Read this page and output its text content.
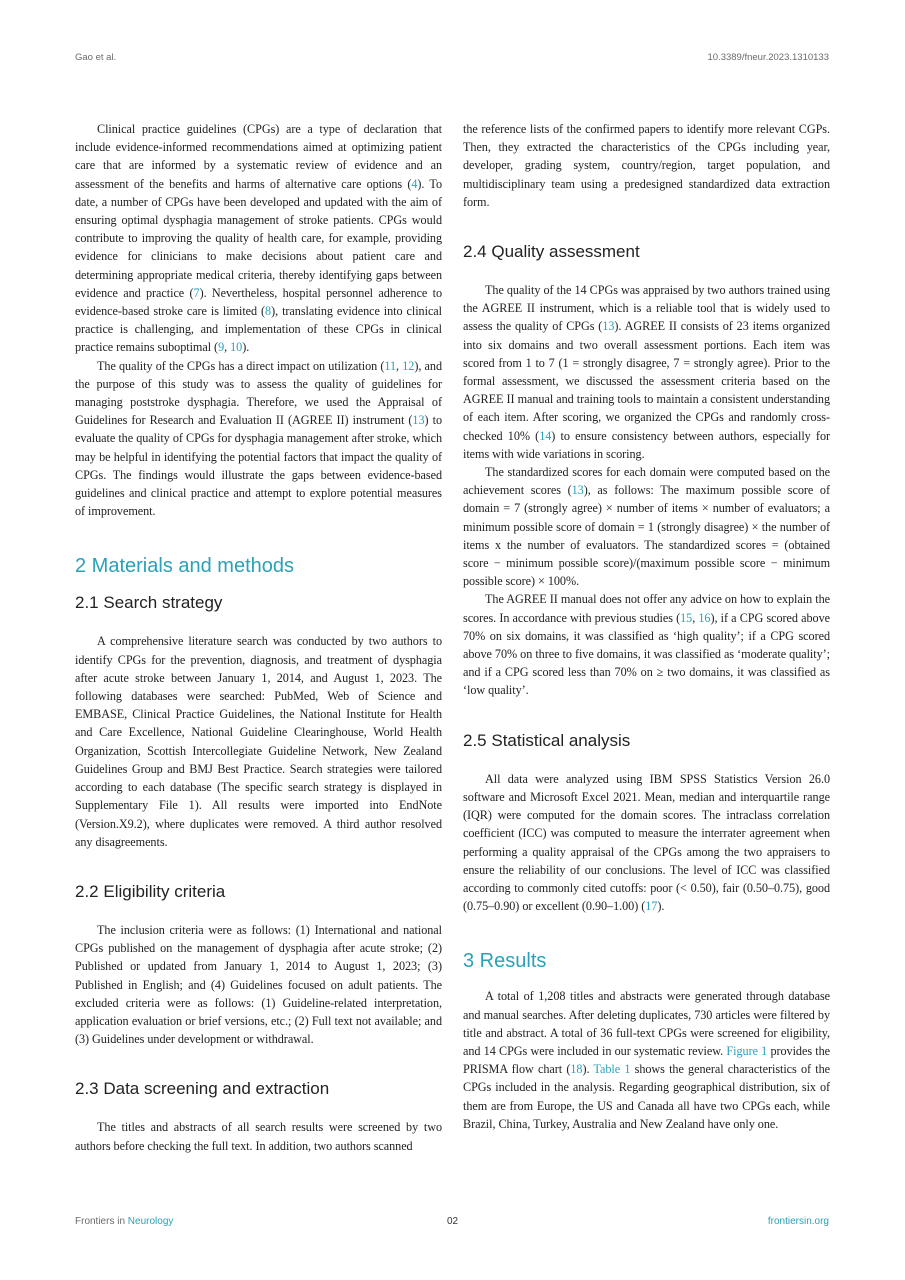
Gao et al.	10.3389/fneur.2023.1310133

Clinical practice guidelines (CPGs) are a type of declaration that include evidence-informed recommendations aimed at optimizing patient care that are informed by a systematic review of evidence and an assessment of the benefits and harms of alternative care options (4). To date, a number of CPGs have been developed and updated with the aim of ensuring optimal dysphagia management of stroke patients. CPGs would contribute to improving the quality of health care, for example, providing evidence for clinicians to make decisions about patient care and determining appropriate medical criteria, thereby identifying gaps between evidence and practice (7). Nevertheless, hospital personnel adherence to evidence-based stroke care is limited (8), translating evidence into clinical practice is challenging, and implementation of these CPGs in clinical practice remains suboptimal (9, 10).

The quality of the CPGs has a direct impact on utilization (11, 12), and the purpose of this study was to assess the quality of guidelines for managing poststroke dysphagia. Therefore, we used the Appraisal of Guidelines for Research and Evaluation II (AGREE II) instrument (13) to evaluate the quality of CPGs for dysphagia management after stroke, which may be helpful in identifying the potential factors that impact the quality of CPGs. The findings would illustrate the gaps between evidence-based guidelines and clinical practice and attempt to explore potential measures of improvement.

2 Materials and methods
2.1 Search strategy

A comprehensive literature search was conducted by two authors to identify CPGs for the prevention, diagnosis, and treatment of dysphagia after acute stroke between January 1, 2014, and August 1, 2023. The following databases were searched: PubMed, Web of Science and EMBASE, Clinical Practice Guidelines, the National Institute for Health and Care Excellence, National Guideline Clearinghouse, World Health Organization, Scottish Intercollegiate Guideline Network, New Zealand Guidelines Group and BMJ Best Practice. Search strategies were tailored according to each database (The specific search strategy is displayed in Supplementary File 1). All results were imported into EndNote (Version.X9.2), where duplicates were removed. A third author resolved any disagreements.

2.2 Eligibility criteria

The inclusion criteria were as follows: (1) International and national CPGs published on the management of dysphagia after acute stroke; (2) Published or updated from January 1, 2014 to August 1, 2023; (3) Published in English; and (4) Guidelines focused on adult patients. The excluded criteria were as follows: (1) Guideline-related interpretation, application evaluation or brief versions, etc.; (2) Full text not available; and (3) Guidelines under development or withdrawal.

2.3 Data screening and extraction

The titles and abstracts of all search results were screened by two authors before checking the full text. In addition, two authors scanned

the reference lists of the confirmed papers to identify more relevant CGPs. Then, they extracted the characteristics of the CPGs including year, developer, grading system, country/region, target population, and multidisciplinary team using a predesigned standardized data extraction form.

2.4 Quality assessment

The quality of the 14 CPGs was appraised by two authors trained using the AGREE II instrument, which is a reliable tool that is widely used to assess the quality of CPGs (13). AGREE II consists of 23 items organized into six domains and two overall assessment portions. Each item was scored from 1 to 7 (1 = strongly disagree, 7 = strongly agree). Prior to the formal assessment, we discussed the assessment criteria based on the AGREE II manual and training tools to maintain a consistent understanding of each item. After scoring, we organized the CPGs and randomly cross-checked 10% (14) to ensure consistency between authors, especially for items with wide variations in scoring.

The standardized scores for each domain were computed based on the achievement scores (13), as follows: The maximum possible score of domain = 7 (strongly agree) × number of items × number of evaluators; a minimum possible score of domain = 1 (strongly disagree) × the number of items x the number of evaluators. The standardized scores = (obtained score − minimum possible score)/(maximum possible score − minimum possible score) × 100%.

The AGREE II manual does not offer any advice on how to explain the scores. In accordance with previous studies (15, 16), if a CPG scored above 70% on six domains, it was classified as ‘high quality’; if a CPG scored above 70% on three to five domains, it was classified as ‘moderate quality’; and if a CPG scored less than 70% on ≥ two domains, it was classified as ‘low quality’.

2.5 Statistical analysis

All data were analyzed using IBM SPSS Statistics Version 26.0 software and Microsoft Excel 2021. Mean, median and interquartile range (IQR) were computed for the domain scores. The intraclass correlation coefficient (ICC) was computed to measure the interrater agreement when performing a quality appraisal of the CPGs among the two appraisers to ensure the reliability of our conclusions. The level of ICC was classified according to commonly cited cutoffs: poor (< 0.50), fair (0.50–0.75), good (0.75–0.90) or excellent (0.90–1.00) (17).

3 Results

A total of 1,208 titles and abstracts were generated through database and manual searches. After deleting duplicates, 730 articles were filtered by title and abstract. A total of 36 full-text CPGs were screened for eligibility, and 14 CPGs were included in our systematic review. Figure 1 provides the PRISMA flow chart (18). Table 1 shows the general characteristics of the CPGs included in the analysis. Regarding geographical distribution, six of them are from Europe, the US and Canada all have two CPGs each, while Brazil, China, Turkey, Australia and New Zealand have only one.

Frontiers in Neurology	02	frontiersin.org
